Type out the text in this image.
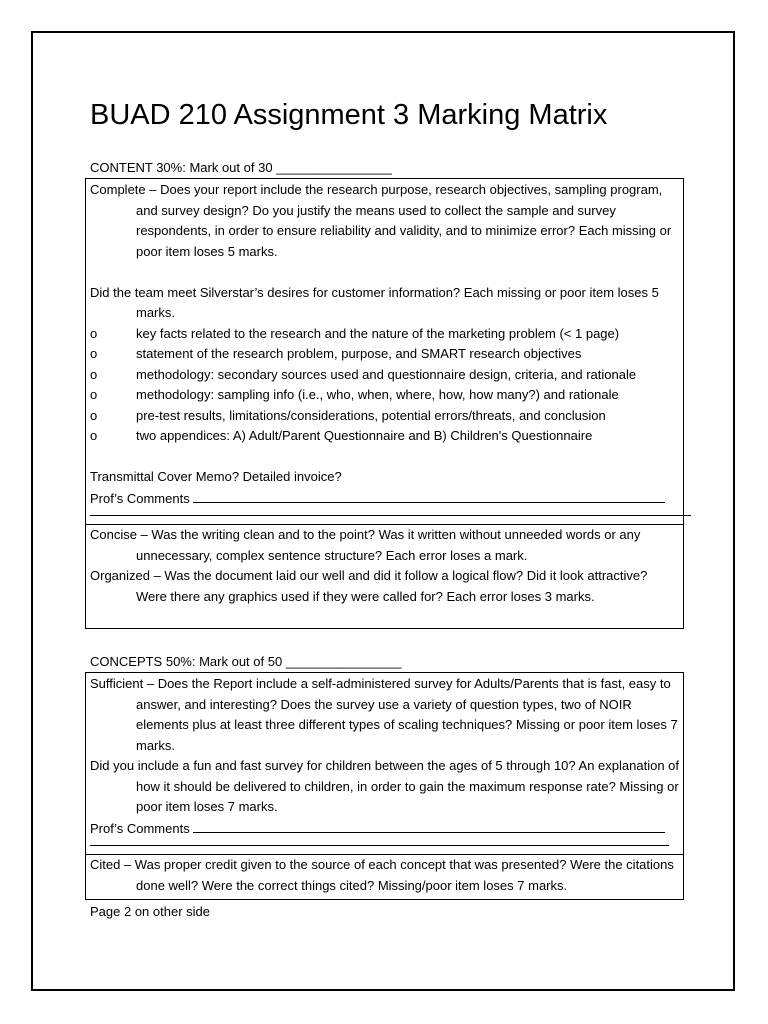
BUAD 210 Assignment 3 Marking Matrix
CONTENT 30%: Mark out of 30 ________________
Complete – Does your report include the research purpose, research objectives, sampling program, and survey design? Do you justify the means used to collect the sample and survey respondents, in order to ensure reliability and validity, and to minimize error? Each missing or poor item loses 5 marks.
Did the team meet Silverstar’s desires for customer information? Each missing or poor item loses 5 marks.
o	key facts related to the research and the nature of the marketing problem (< 1 page)
o	statement of the research problem, purpose, and SMART research objectives
o	methodology: secondary sources used and questionnaire design, criteria, and rationale
o	methodology: sampling info (i.e., who, when, where, how, how many?) and rationale
o	pre-test results, limitations/considerations, potential errors/threats, and conclusion
o	two appendices: A) Adult/Parent Questionnaire and B) Children's Questionnaire
Transmittal Cover Memo? Detailed invoice?
Prof’s Comments
Concise – Was the writing clean and to the point? Was it written without unneeded words or any unnecessary, complex sentence structure? Each error loses a mark.
Organized – Was the document laid our well and did it follow a logical flow? Did it look attractive? Were there any graphics used if they were called for? Each error loses 3 marks.
CONCEPTS 50%: Mark out of 50 ________________
Sufficient – Does the Report include a self-administered survey for Adults/Parents that is fast, easy to answer, and interesting? Does the survey use a variety of question types, two of NOIR elements plus at least three different types of scaling techniques? Missing or poor item loses 7 marks.
Did you include a fun and fast survey for children between the ages of 5 through 10? An explanation of how it should be delivered to children, in order to gain the maximum response rate? Missing or poor item loses 7 marks.
Prof’s Comments
Cited – Was proper credit given to the source of each concept that was presented? Were the citations done well? Were the correct things cited? Missing/poor item loses 7 marks.
Page 2 on other side
